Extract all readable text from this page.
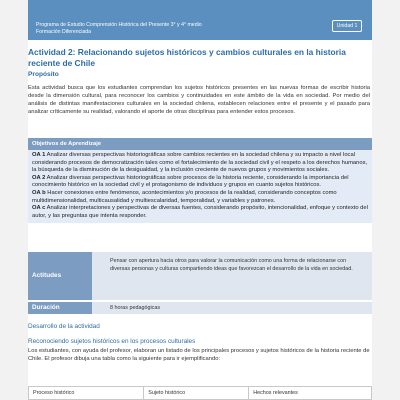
Programa de Estudio Comprensión Histórica del Presente 3° y 4° medio
Formación Diferenciada
Unidad 1
Actividad 2: Relacionando sujetos históricos y cambios culturales en la historia reciente de Chile
Propósito
Esta actividad busca que los estudiantes comprendan los sujetos históricos presentes en las nuevas formas de escribir historia desde la dimensión cultural, para reconocer los cambios y continuidades en este ámbito de la vida en sociedad. Por medio del análisis de distintas manifestaciones culturales en la sociedad chilena, establecen relaciones entre el presente y el pasado para analizar críticamente su realidad, valorando el aporte de otras disciplinas para entender estos procesos.
Objetivos de Aprendizaje

OA 1 Analizar diversas perspectivas historiográficas sobre cambios recientes en la sociedad chilena y su impacto a nivel local considerando procesos de democratización tales como el fortalecimiento de la sociedad civil y el respeto a los derechos humanos, la búsqueda de la disminución de la desigualdad, y la inclusión creciente de nuevos grupos y movimientos sociales.
OA 2 Analizar diversas perspectivas historiográficas sobre procesos de la historia reciente, considerando la importancia del conocimiento histórico en la sociedad civil y el protagonismo de individuos y grupos en cuanto sujetos históricos.
OA b Hacer conexiones entre fenómenos, acontecimientos y/o procesos de la realidad, considerando conceptos como multidimensionalidad, multicausalidad y multiescalaridad, temporalidad, y variables y patrones.
OA c Analizar interpretaciones y perspectivas de diversas fuentes, considerando propósito, intencionalidad, enfoque y contexto del autor, y las preguntas que intenta responder.
Actitudes
Pensar con apertura hacia otros para valorar la comunicación como una forma de relacionarse con diversas personas y culturas compartiendo ideas que favorezcan el desarrollo de la vida en sociedad.
Duración	8 horas pedagógicas
Desarrollo de la actividad
Reconociendo sujetos históricos en los procesos culturales
Los estudiantes, con ayuda del profesor, elaboran un listado de los principales procesos y sujetos históricos de la historia reciente de Chile. El profesor dibuja una tabla como la siguiente para ir ejemplificando:
Proceso histórico	Sujeto histórico	Hechos relevantes
